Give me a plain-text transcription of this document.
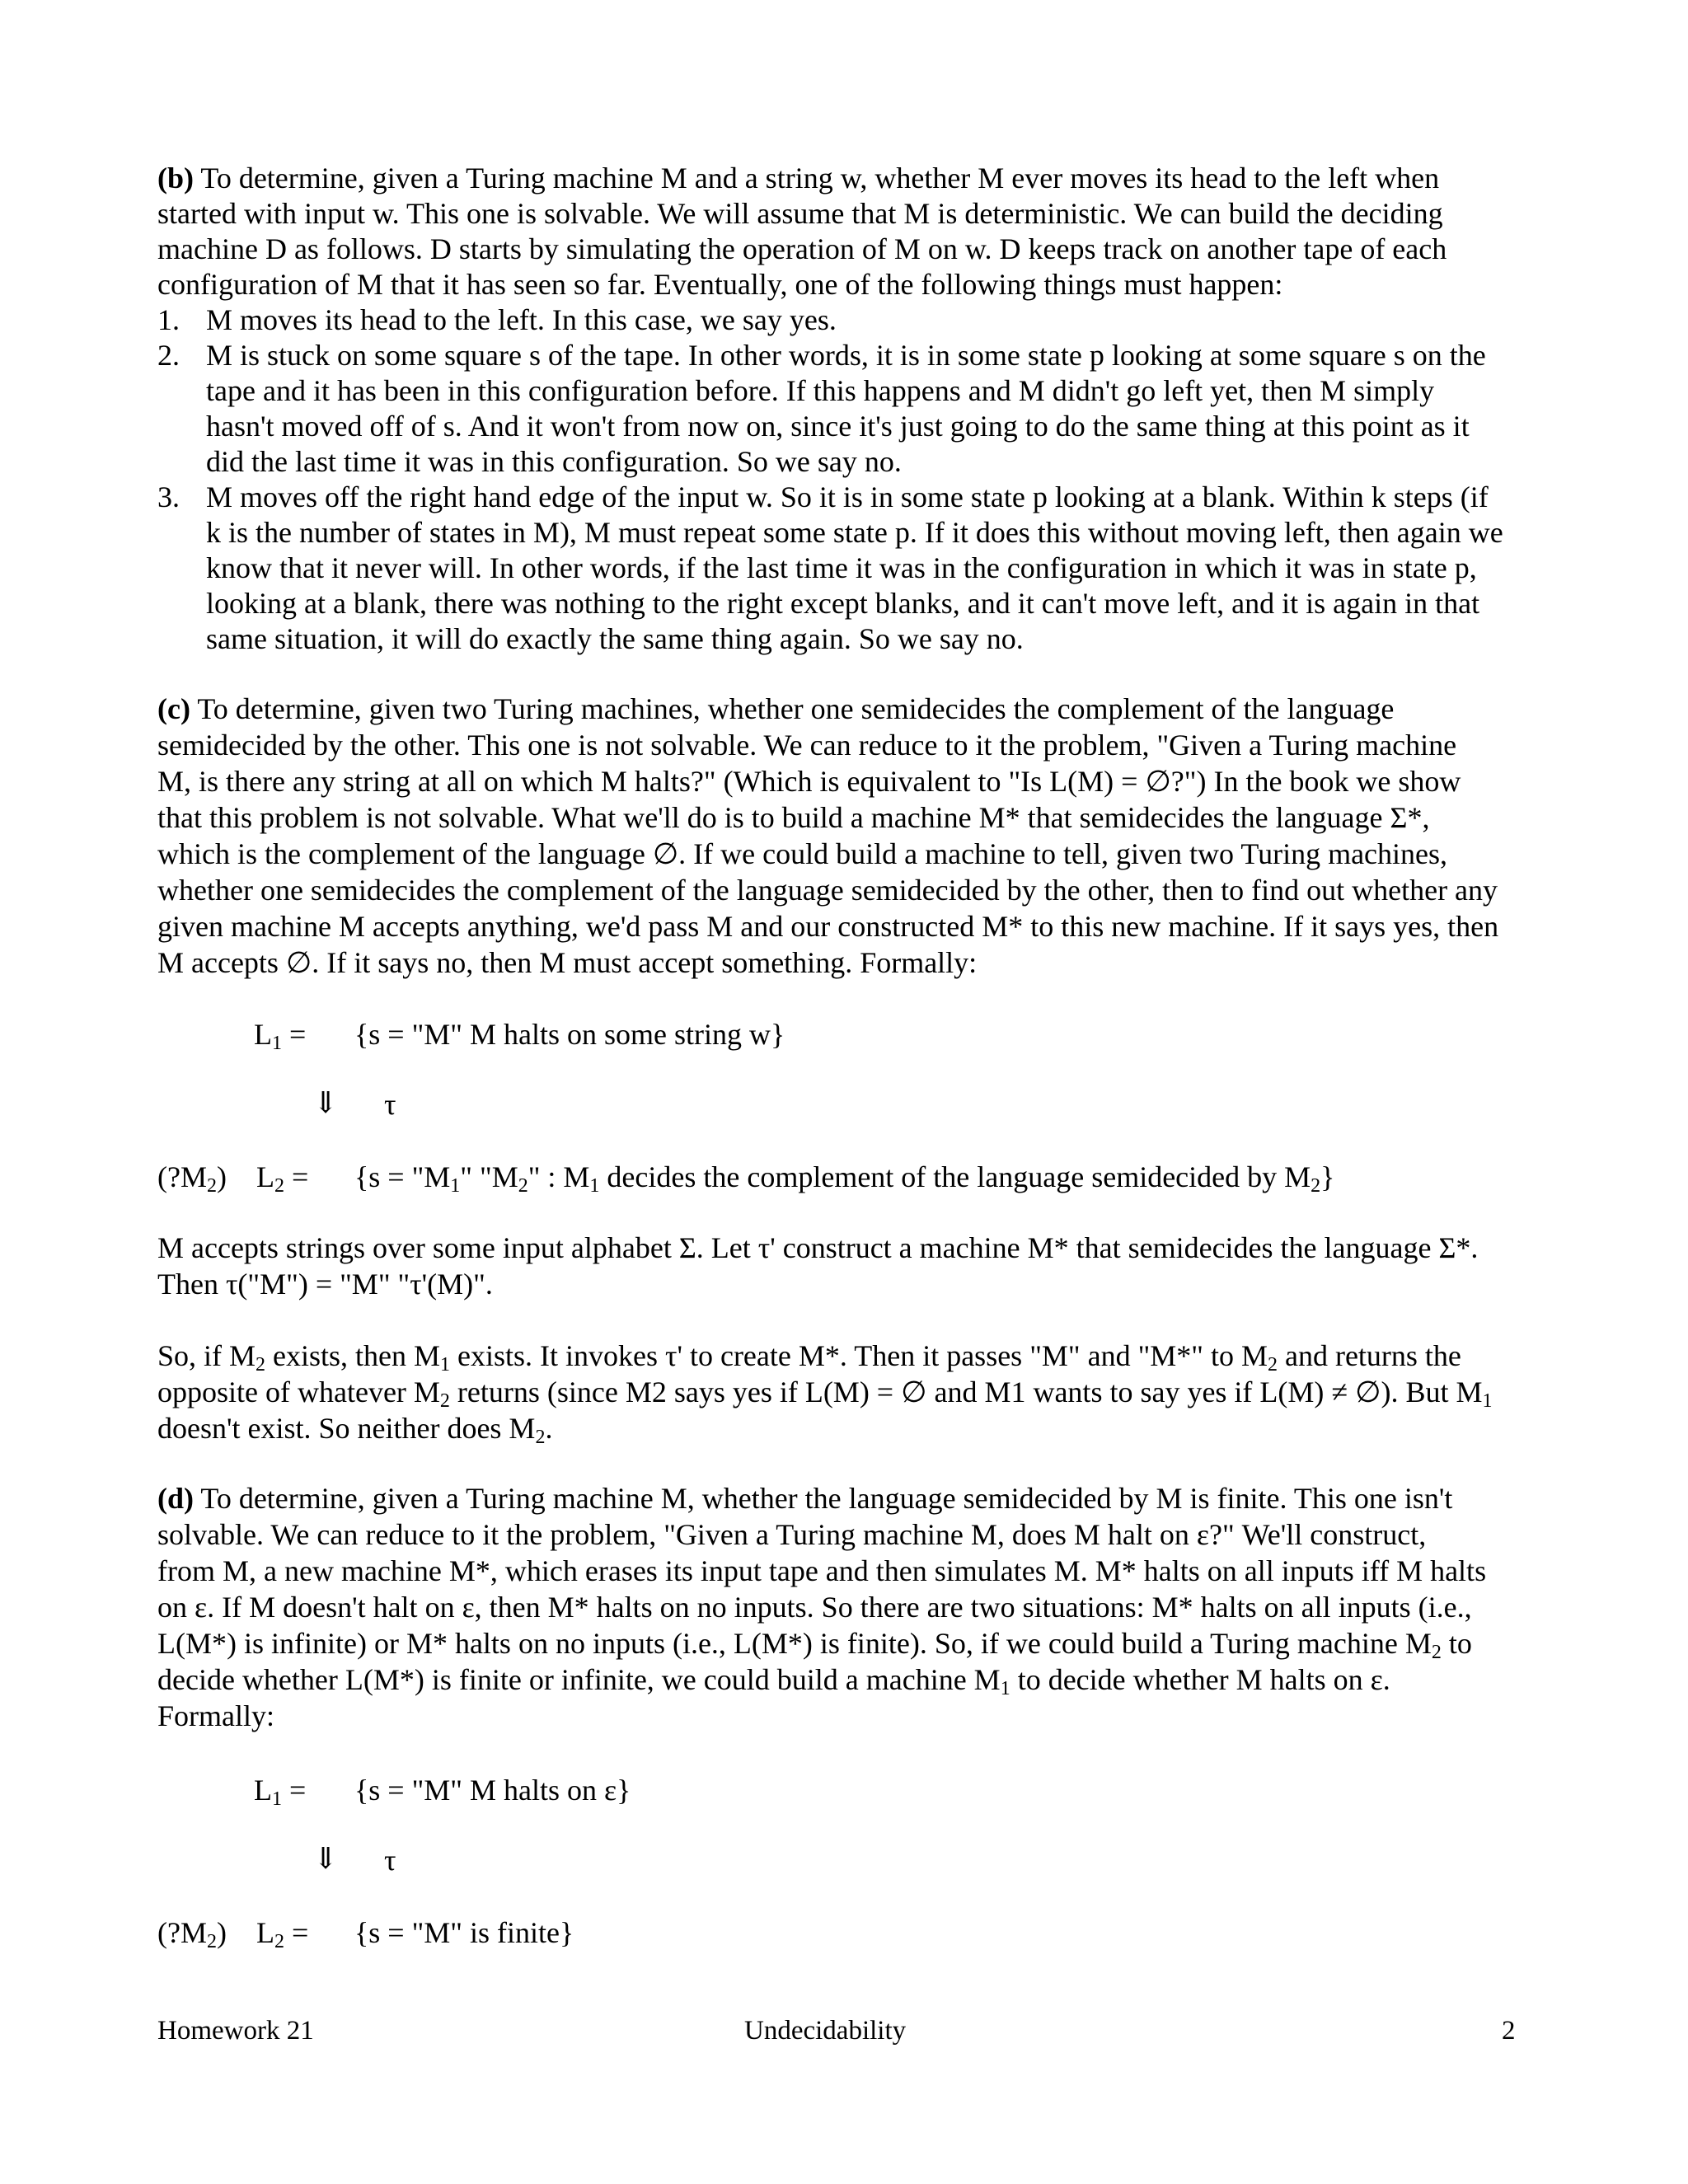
(b) To determine, given a Turing machine M and a string w, whether M ever moves its head to the left when
started with input w. This one is solvable. We will assume that M is deterministic. We can build the deciding
machine D as follows. D starts by simulating the operation of M on w. D keeps track on another tape of each
configuration of M that it has seen so far. Eventually, one of the following things must happen:
1. M moves its head to the left. In this case, we say yes.
2. M is stuck on some square s of the tape. In other words, it is in some state p looking at some square s on the
tape and it has been in this configuration before. If this happens and M didn't go left yet, then M simply
hasn't moved off of s. And it won't from now on, since it's just going to do the same thing at this point as it
did the last time it was in this configuration. So we say no.
3. M moves off the right hand edge of the input w. So it is in some state p looking at a blank. Within k steps (if
k is the number of states in M), M must repeat some state p. If it does this without moving left, then again we
know that it never will. In other words, if the last time it was in the configuration in which it was in state p,
looking at a blank, there was nothing to the right except blanks, and it can't move left, and it is again in that
same situation, it will do exactly the same thing again. So we say no.
(c) To determine, given two Turing machines, whether one semidecides the complement of the language
semidecided by the other. This one is not solvable. We can reduce to it the problem, "Given a Turing machine
M, is there any string at all on which M halts?" (Which is equivalent to "Is L(M) = ∅?") In the book we show
that this problem is not solvable. What we'll do is to build a machine M* that semidecides the language Σ*,
which is the complement of the language ∅. If we could build a machine to tell, given two Turing machines,
whether one semidecides the complement of the language semidecided by the other, then to find out whether any
given machine M accepts anything, we'd pass M and our constructed M* to this new machine. If it says yes, then
M accepts ∅. If it says no, then M must accept something. Formally:
$L_1 = \{s$ = "M" M halts on some string w}
⇓ τ
$(?M_2) L_2 = \{s$ = "$M_1$" "$M_2$" : $M_1$ decides the complement of the language semidecided by $M_2$}
M accepts strings over some input alphabet Σ. Let τ' construct a machine M* that semidecides the language Σ*.
Then τ("M") = "M" "τ'(M)".
So, if $M_2$ exists, then $M_1$ exists. It invokes τ' to create M*. Then it passes "M" and "M*" to $M_2$ and returns the
opposite of whatever $M_2$ returns (since M2 says yes if L(M) = ∅ and M1 wants to say yes if L(M) ≠ ∅). But $M_1$
doesn't exist. So neither does $M_2$.
(d) To determine, given a Turing machine M, whether the language semidecided by M is finite. This one isn't
solvable. We can reduce to it the problem, "Given a Turing machine M, does M halt on ε?" We'll construct,
from M, a new machine M*, which erases its input tape and then simulates M. M* halts on all inputs iff M halts
on ε. If M doesn't halt on ε, then M* halts on no inputs. So there are two situations: M* halts on all inputs (i.e.,
L(M*) is infinite) or M* halts on no inputs (i.e., L(M*) is finite). So, if we could build a Turing machine $M_2$ to
decide whether L(M*) is finite or infinite, we could build a machine $M_1$ to decide whether M halts on ε.
Formally:
$L_1 = \{s$ = "M" M halts on ε}
⇓ τ
$(?M_2) L_2 = \{s$ = "M" is finite}
Homework 21	Undecidability	2
